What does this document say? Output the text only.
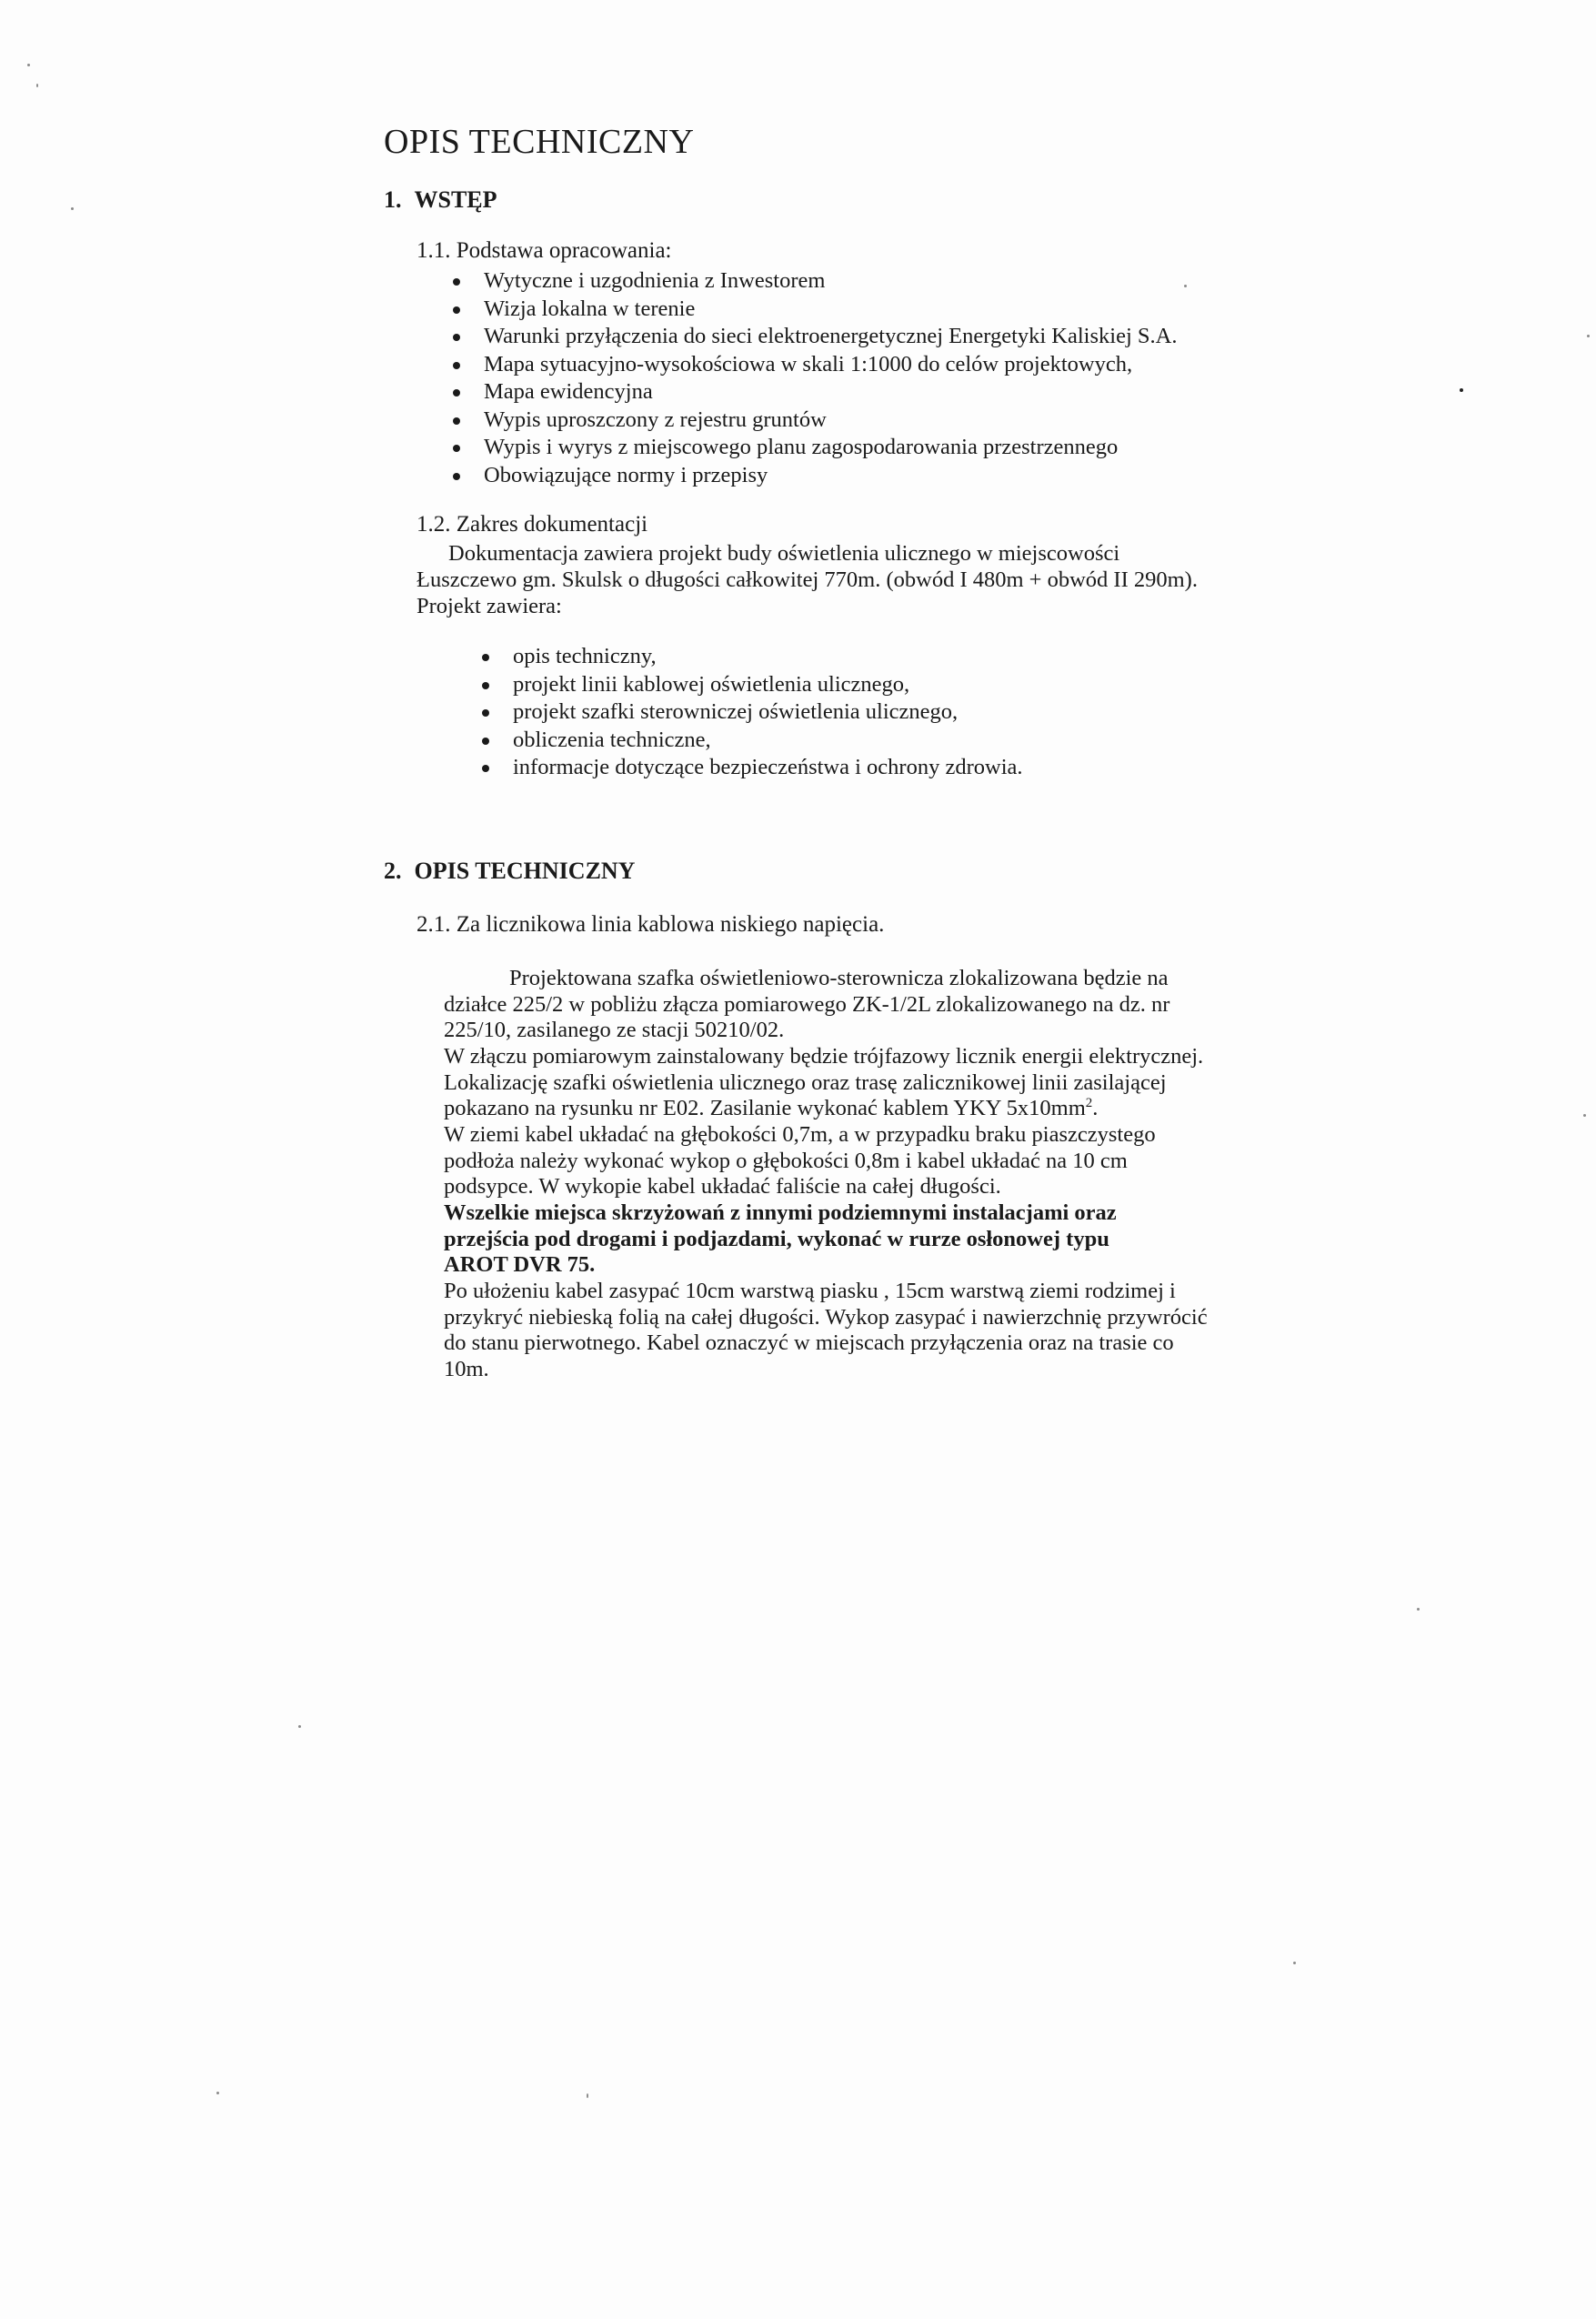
OPIS TECHNICZNY
1. WSTĘP

1.1. Podstawa opracowania:

Wytyczne i uzgodnienia z Inwestorem
Wizja lokalna w terenie
Warunki przyłączenia do sieci elektroenergetycznej Energetyki Kaliskiej S.A.
Mapa sytuacyjno-wysokościowa w skali 1:1000 do celów projektowych,
Mapa ewidencyjna
Wypis uproszczony z rejestru gruntów
Wypis i wyrys z miejscowego planu zagospodarowania przestrzennego
Obowiązujące normy i przepisy

1.2. Zakres dokumentacji

Dokumentacja zawiera projekt budy oświetlenia ulicznego w miejscowości

Łuszczewo gm. Skulsk o długości całkowitej 770m. (obwód I 480m + obwód II 290m).

Projekt zawiera:

opis techniczny,
projekt linii kablowej oświetlenia ulicznego,
projekt szafki sterowniczej oświetlenia ulicznego,
obliczenia techniczne,
informacje dotyczące bezpieczeństwa i ochrony zdrowia.
2. OPIS TECHNICZNY

2.1. Za licznikowa linia kablowa niskiego napięcia.

Projektowana szafka oświetleniowo-sterownicza zlokalizowana będzie na

działce 225/2 w pobliżu złącza pomiarowego ZK-1/2L zlokalizowanego na dz. nr

225/10, zasilanego ze stacji 50210/02.

W złączu pomiarowym zainstalowany będzie trójfazowy licznik energii elektrycznej.

Lokalizację szafki oświetlenia ulicznego oraz trasę zalicznikowej linii zasilającej

pokazano na rysunku nr E02. Zasilanie wykonać kablem YKY $5x10mm^2$.

W ziemi kabel układać na głębokości 0,7m, a w przypadku braku piaszczystego

podłoża należy wykonać wykop o głębokości 0,8m i kabel układać na 10 cm

podsypce. W wykopie kabel układać faliście na całej długości.

Wszelkie miejsca skrzyżowań z innymi podziemnymi instalacjami oraz

przejścia pod drogami i podjazdami, wykonać w rurze osłonowej typu

AROT DVR 75.

Po ułożeniu kabel zasypać 10cm warstwą piasku , 15cm warstwą ziemi rodzimej i

przykryć niebieską folią na całej długości. Wykop zasypać i nawierzchnię przywrócić

do stanu pierwotnego. Kabel oznaczyć w miejscach przyłączenia oraz na trasie co

10m.
